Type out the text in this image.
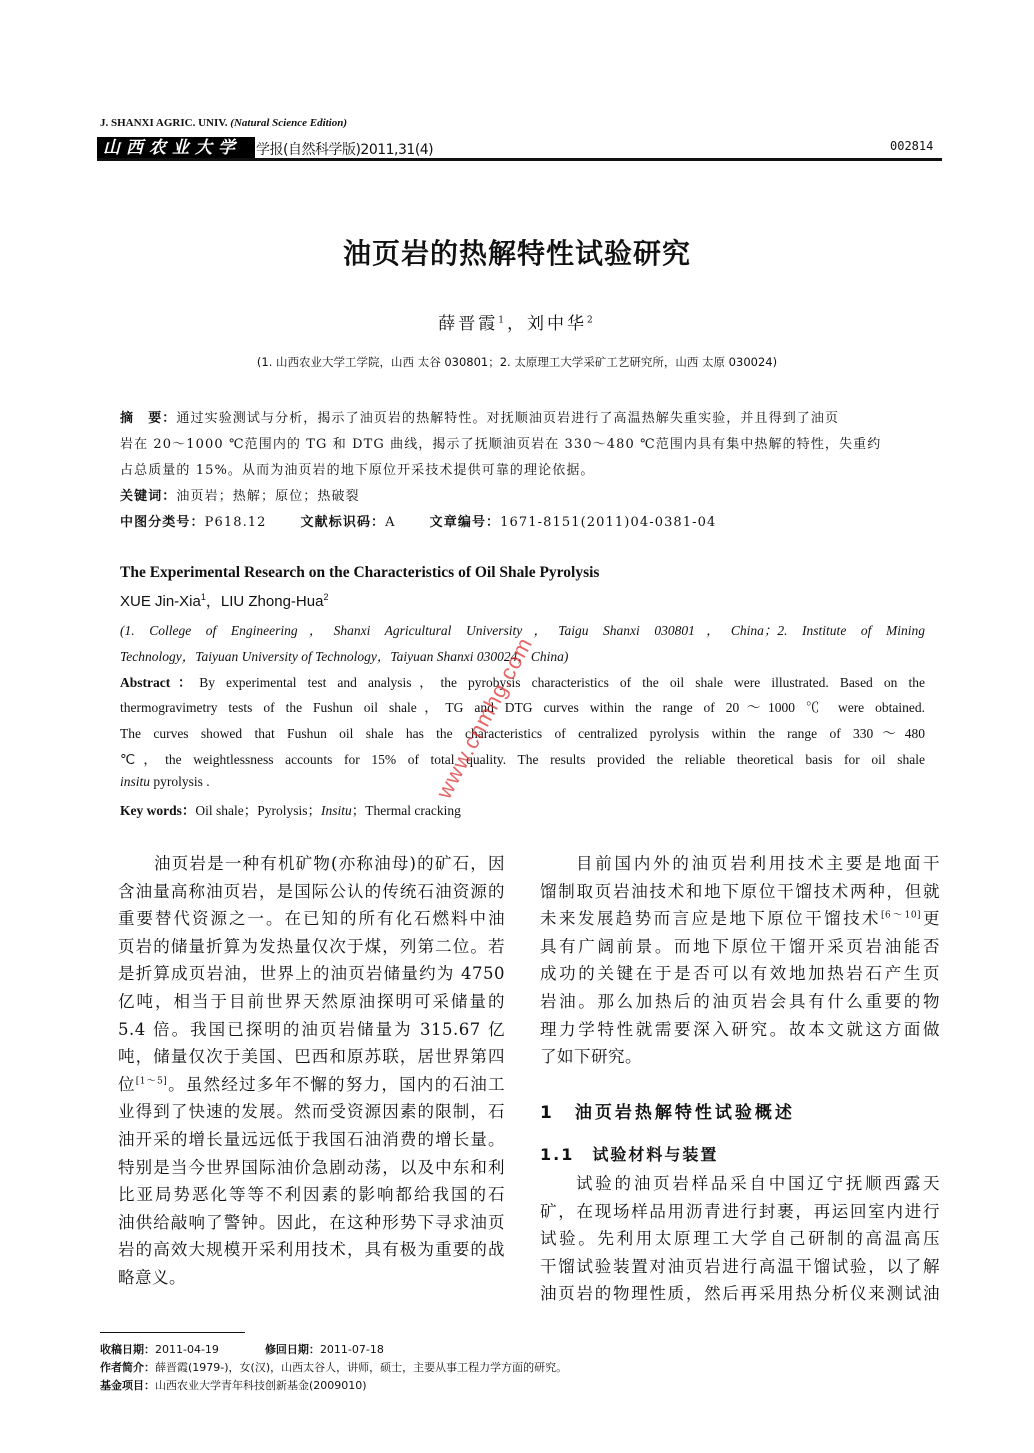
J. SHANXI AGRIC. UNIV. (Natural Science Edition)
山西农业大学	学报(自然科学版)2011,31(4)	002814
油页岩的热解特性试验研究
薛晋霞$^1$，刘中华$^2$
(1. 山西农业大学工学院，山西 太谷 030801；2. 太原理工大学采矿工艺研究所，山西 太原 030024)
摘　要：通过实验测试与分析，揭示了油页岩的热解特性。对抚顺油页岩进行了高温热解失重实验，并且得到了油页
岩在 20～1000 ℃范围内的 TG 和 DTG 曲线，揭示了抚顺油页岩在 330～480 ℃范围内具有集中热解的特性，失重约
占总质量的 15%。从而为油页岩的地下原位开采技术提供可靠的理论依据。
关键词：油页岩；热解；原位；热破裂
中图分类号：P618.12	文献标识码：A	文章编号：1671-8151(2011)04-0381-04
The Experimental Research on the Characteristics of Oil Shale Pyrolysis
XUE Jin-Xia$^1$，LIU Zhong-Hua$^2$
(1. College of Engineering，Shanxi Agricultural University，Taigu Shanxi 030801，China；2. Institute of Mining
Technology，Taiyuan University of Technology，Taiyuan Shanxi 030024，China)
Abstract：By experimental test and analysis，the pyrobysis characteristics of the oil shale were illustrated. Based on the
thermogravimetry tests of the Fushun oil shale，TG and DTG curves within the range of 20～1000 ℃ were obtained.
The curves showed that Fushun oil shale has the characteristics of centralized pyrolysis within the range of 330～480
℃，the weightlessness accounts for 15% of total quality. The results provided the reliable theoretical basis for oil shale
insitu pyrolysis .
Key words：Oil shale；Pyrolysis；Insitu；Thermal cracking
1　油页岩热解特性试验概述
1.1　试验材料与装置
收稿日期：2011-04-19	修回日期：2011-07-18
作者简介：薛晋霞(1979-)，女(汉)，山西太谷人，讲师，硕士，主要从事工程力学方面的研究。
基金项目：山西农业大学青年科技创新基金(2009010)
www.cnmhg.com
油页岩是一种有机矿物(亦称油母)的矿石，因
含油量高称油页岩，是国际公认的传统石油资源的
重要替代资源之一。在已知的所有化石燃料中油
页岩的储量折算为发热量仅次于煤，列第二位。若
是折算成页岩油，世界上的油页岩储量约为 4750
亿吨，相当于目前世界天然原油探明可采储量的
5.4 倍。我国已探明的油页岩储量为 315.67 亿
吨，储量仅次于美国、巴西和原苏联，居世界第四
位[1～5]。虽然经过多年不懈的努力，国内的石油工
业得到了快速的发展。然而受资源因素的限制，石
油开采的增长量远远低于我国石油消费的增长量。
特别是当今世界国际油价急剧动荡，以及中东和利
比亚局势恶化等等不利因素的影响都给我国的石
油供给敲响了警钟。因此，在这种形势下寻求油页
岩的高效大规模开采利用技术，具有极为重要的战
略意义。
目前国内外的油页岩利用技术主要是地面干
馏制取页岩油技术和地下原位干馏技术两种，但就
未来发展趋势而言应是地下原位干馏技术[6～10]更
具有广阔前景。而地下原位干馏开采页岩油能否
成功的关键在于是否可以有效地加热岩石产生页
岩油。那么加热后的油页岩会具有什么重要的物
理力学特性就需要深入研究。故本文就这方面做
了如下研究。
试验的油页岩样品采自中国辽宁抚顺西露天
矿，在现场样品用沥青进行封裹，再运回室内进行
试验。先利用太原理工大学自己研制的高温高压
干馏试验装置对油页岩进行高温干馏试验，以了解
油页岩的物理性质，然后再采用热分析仪来测试油
